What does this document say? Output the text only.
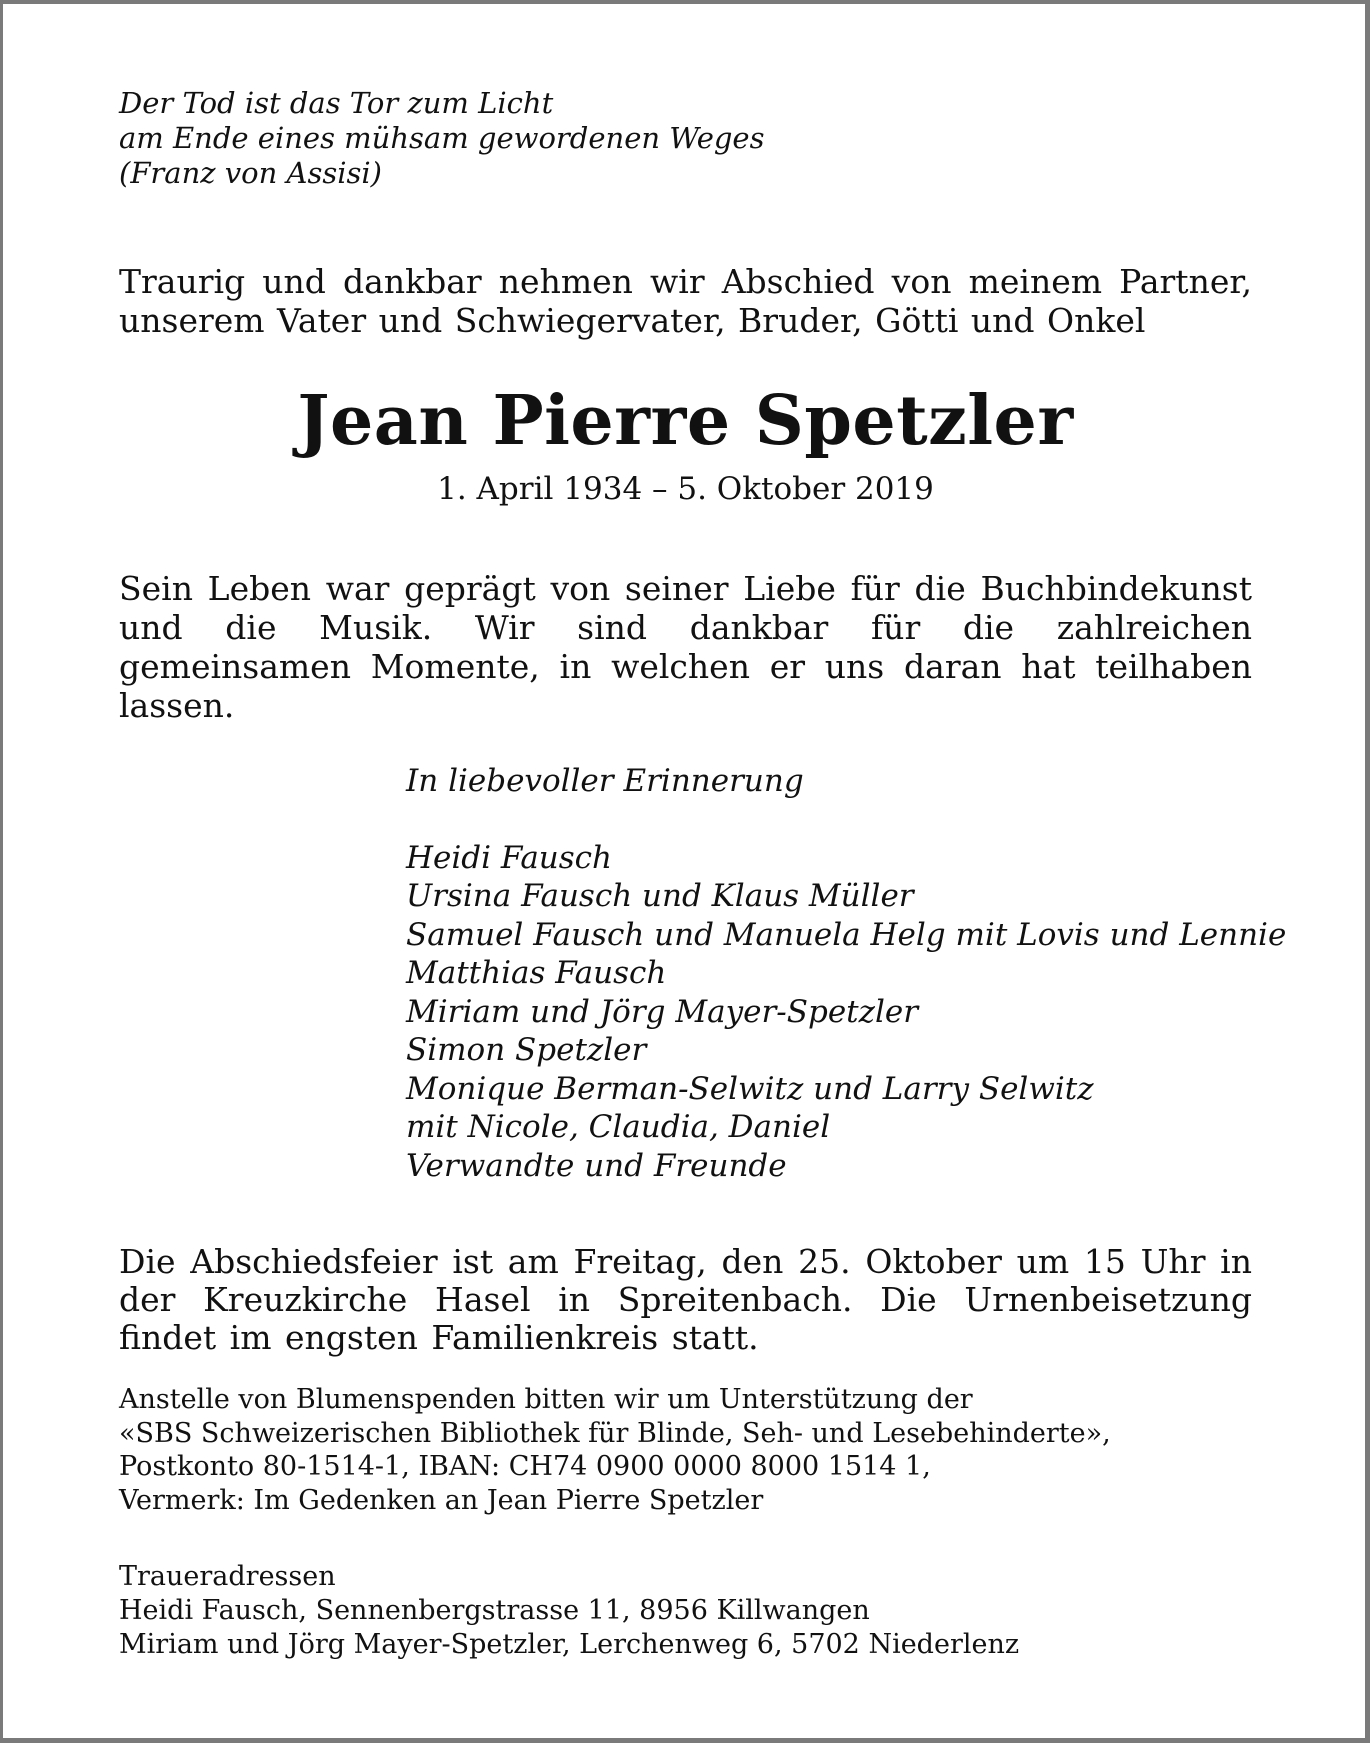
Der Tod ist das Tor zum Licht
am Ende eines mühsam gewordenen Weges
(Franz von Assisi)
Traurig und dankbar nehmen wir Abschied von meinem Partner, unserem Vater und Schwiegervater, Bruder, Götti und Onkel
Jean Pierre Spetzler
1. April 1934 – 5. Oktober 2019
Sein Leben war geprägt von seiner Liebe für die Buchbindekunst und die Musik. Wir sind dankbar für die zahlreichen gemeinsamen Momente, in welchen er uns daran hat teilhaben lassen.
In liebevoller Erinnerung
Heidi Fausch
Ursina Fausch und Klaus Müller
Samuel Fausch und Manuela Helg mit Lovis und Lennie
Matthias Fausch
Miriam und Jörg Mayer-Spetzler
Simon Spetzler
Monique Berman-Selwitz und Larry Selwitz
mit Nicole, Claudia, Daniel
Verwandte und Freunde
Die Abschiedsfeier ist am Freitag, den 25. Oktober um 15 Uhr in der Kreuzkirche Hasel in Spreitenbach. Die Urnenbeisetzung findet im engsten Familienkreis statt.
Anstelle von Blumenspenden bitten wir um Unterstützung der
«SBS Schweizerischen Bibliothek für Blinde, Seh- und Lesebehinderte»,
Postkonto 80-1514-1, IBAN: CH74 0900 0000 8000 1514 1,
Vermerk: Im Gedenken an Jean Pierre Spetzler
Traueradressen
Heidi Fausch, Sennenbergstrasse 11, 8956 Killwangen
Miriam und Jörg Mayer-Spetzler, Lerchenweg 6, 5702 Niederlenz
